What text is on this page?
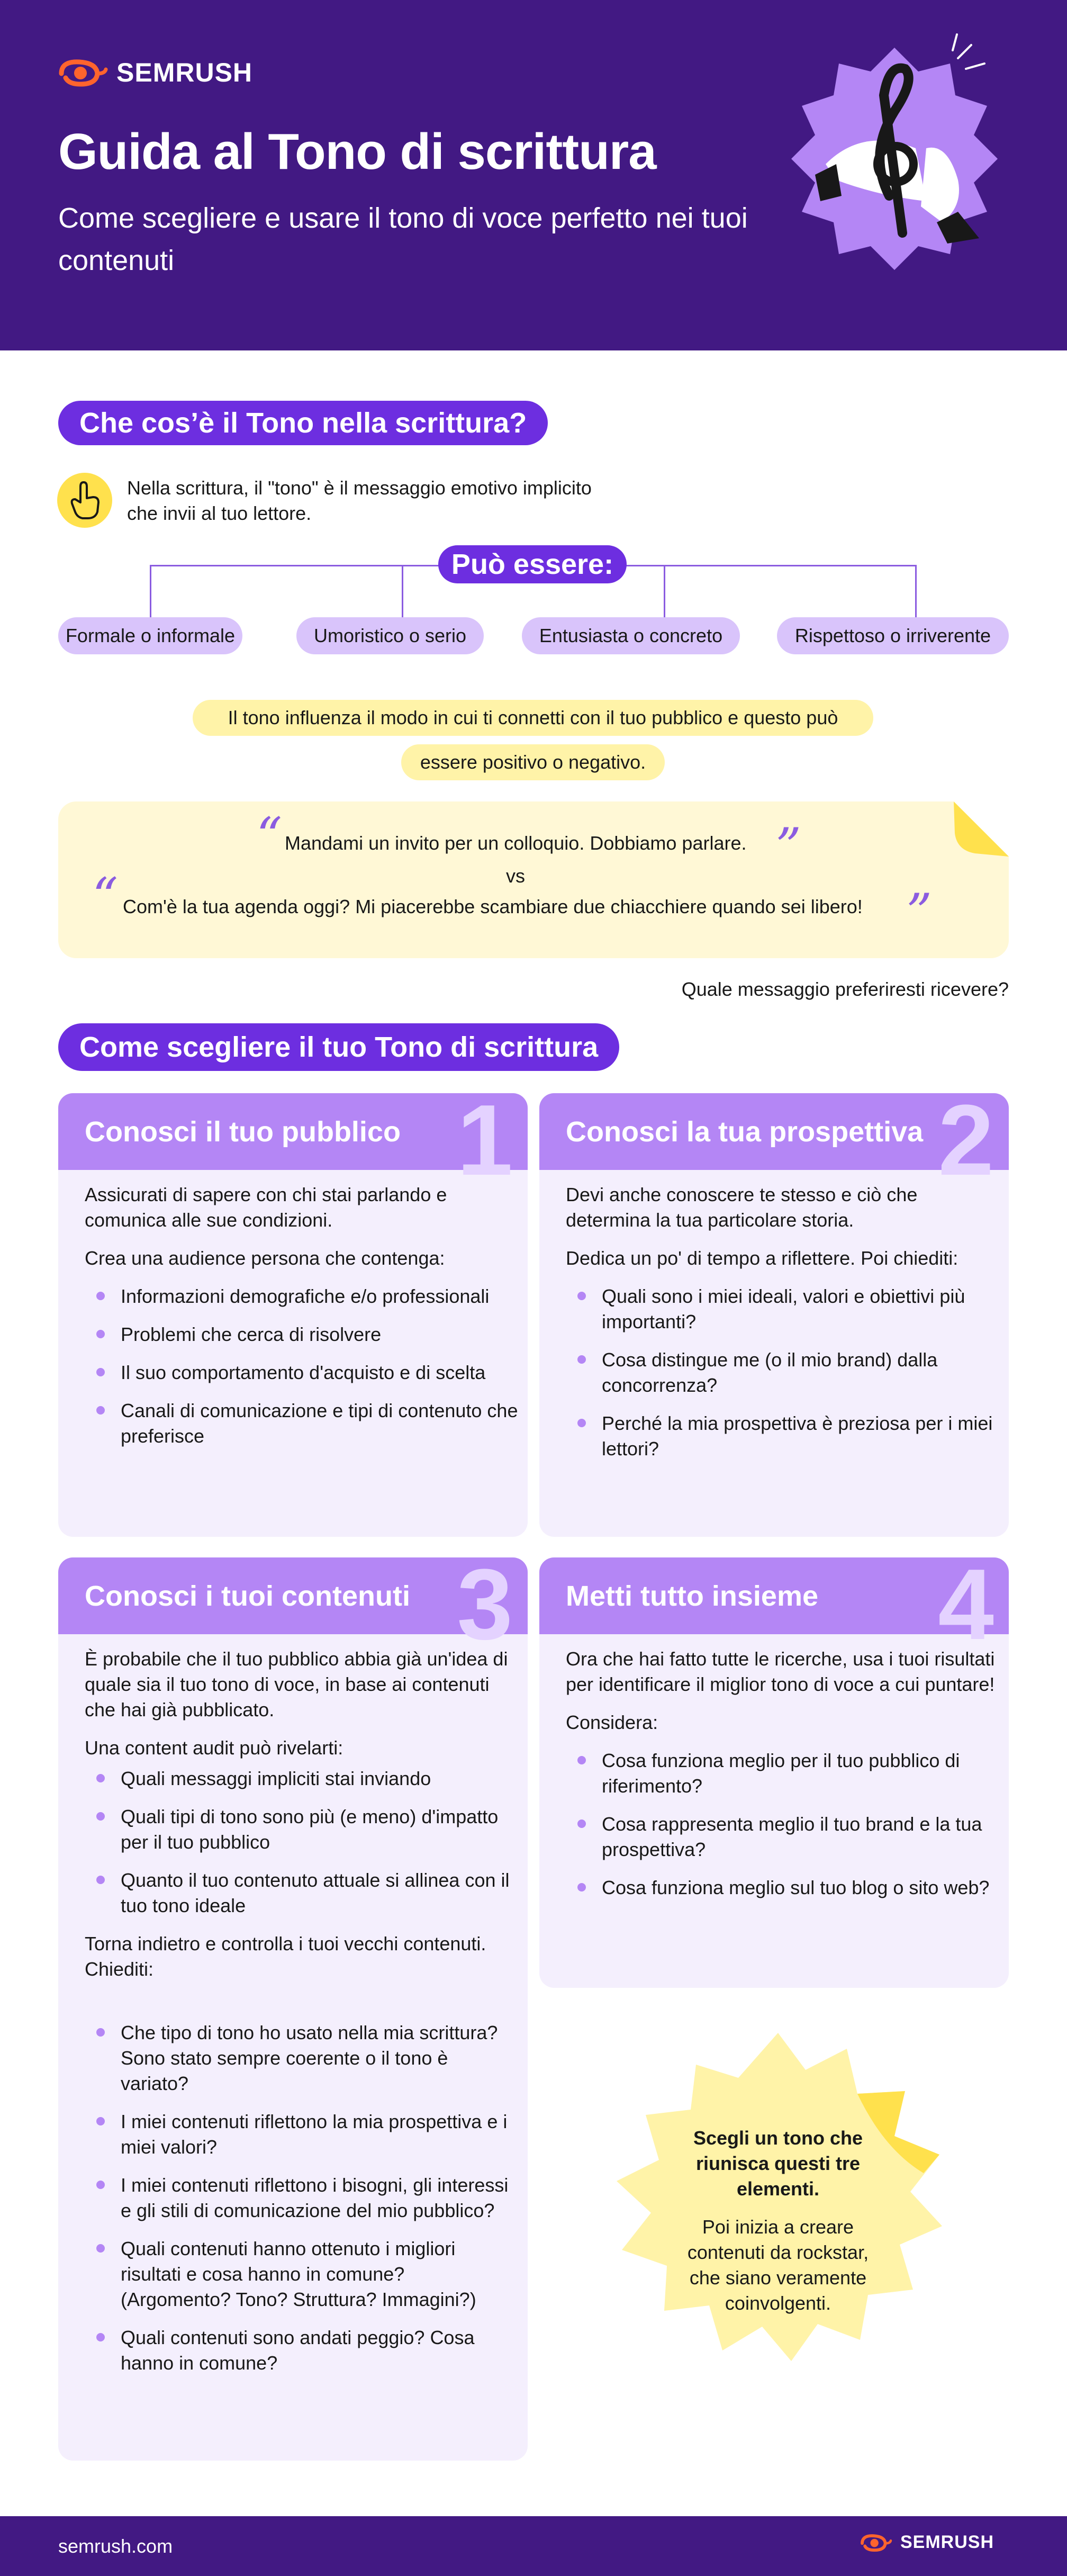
SEMRUSH
Guida al Tono di scrittura
Come scegliere e usare il tono di voce perfetto nei tuoi contenuti
Che cos’è il Tono nella scrittura?
Nella scrittura, il "tono" è il messaggio emotivo implicito che invii al tuo lettore.
Può essere:
Formale o informale	Umoristico o serio	Entusiasta o concreto	Rispettoso o irriverente
Il tono influenza il modo in cui ti connetti con il tuo pubblico e questo può
essere positivo o negativo.
“ Mandami un invito per un colloquio. Dobbiamo parlare. ”
vs
“ Com'è la tua agenda oggi? Mi piacerebbe scambiare due chiacchiere quando sei libero! ”
Quale messaggio preferiresti ricevere?
Come scegliere il tuo Tono di scrittura
Conosci il tuo pubblico 1

Assicurati di sapere con chi stai parlando e comunica alle sue condizioni.

Crea una audience persona che contenga:

Informazioni demografiche e/o professionali
Problemi che cerca di risolvere
Il suo comportamento d'acquisto e di scelta
Canali di comunicazione e tipi di contenuto che preferisce
Conosci la tua prospettiva 2

Devi anche conoscere te stesso e ciò che determina la tua particolare storia.

Dedica un po' di tempo a riflettere. Poi chiediti:

Quali sono i miei ideali, valori e obiettivi più importanti?
Cosa distingue me (o il mio brand) dalla concorrenza?
Perché la mia prospettiva è preziosa per i miei lettori?
Conosci i tuoi contenuti 3

È probabile che il tuo pubblico abbia già un'idea di quale sia il tuo tono di voce, in base ai contenuti che hai già pubblicato.

Una content audit può rivelarti:

Quali messaggi impliciti stai inviando
Quali tipi di tono sono più (e meno) d'impatto per il tuo pubblico
Quanto il tuo contenuto attuale si allinea con il tuo tono ideale

Torna indietro e controlla i tuoi vecchi contenuti. Chiediti:

Che tipo di tono ho usato nella mia scrittura? Sono stato sempre coerente o il tono è variato?
I miei contenuti riflettono la mia prospettiva e i miei valori?
I miei contenuti riflettono i bisogni, gli interessi e gli stili di comunicazione del mio pubblico?
Quali contenuti hanno ottenuto i migliori risultati e cosa hanno in comune? (Argomento? Tono? Struttura? Immagini?)
Quali contenuti sono andati peggio? Cosa hanno in comune?
Metti tutto insieme 4

Ora che hai fatto tutte le ricerche, usa i tuoi risultati per identificare il miglior tono di voce a cui puntare!

Considera:

Cosa funziona meglio per il tuo pubblico di riferimento?
Cosa rappresenta meglio il tuo brand e la tua prospettiva?
Cosa funziona meglio sul tuo blog o sito web?

Scegli un tono che riunisca questi tre elementi.

Poi inizia a creare contenuti da rockstar, che siano veramente coinvolgenti.

semrush.com	SEMRUSH
